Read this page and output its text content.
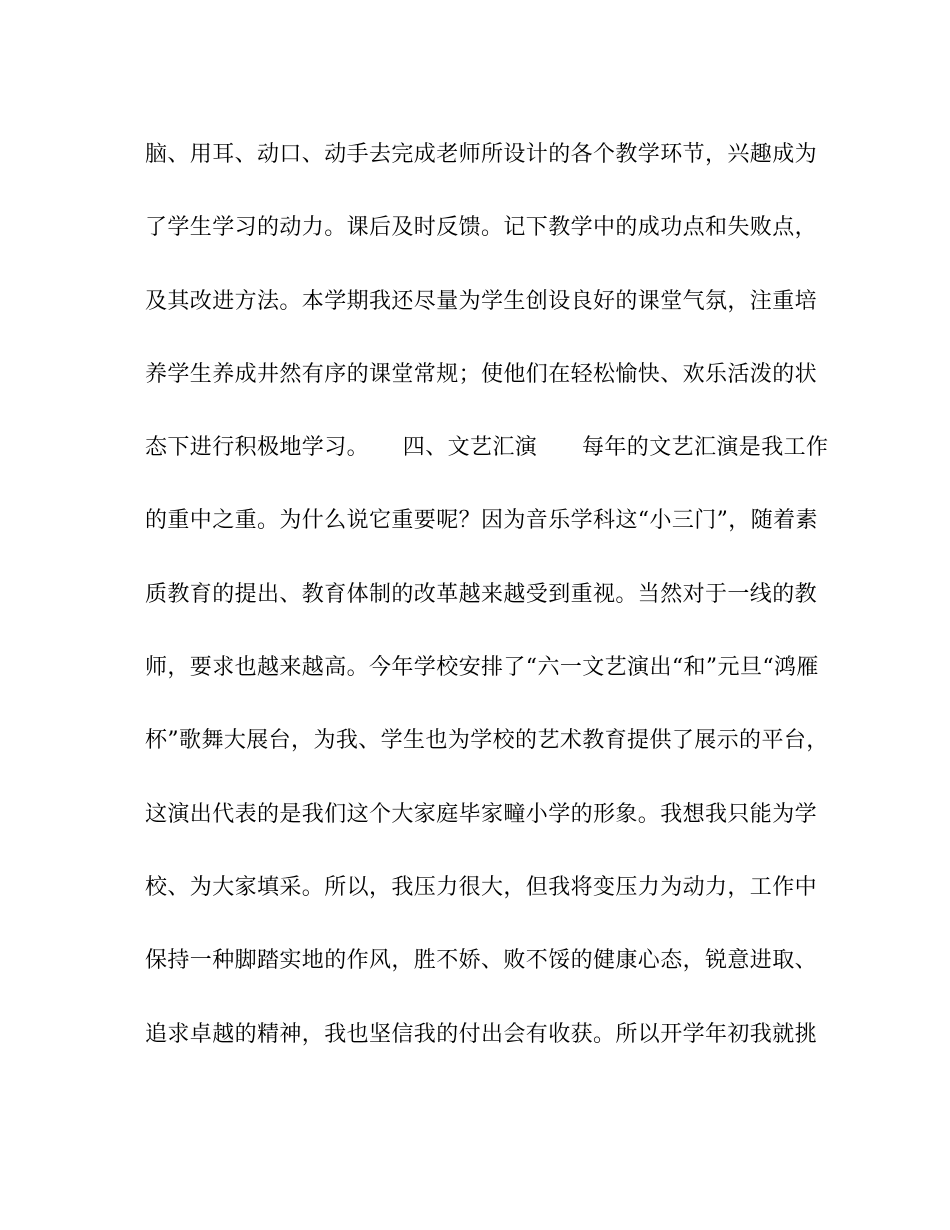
脑、用耳、动口、动手去完成老师所设计的各个教学环节，兴趣成为
了学生学习的动力。课后及时反馈。记下教学中的成功点和失败点，
及其改进方法。本学期我还尽量为学生创设良好的课堂气氛，注重培
养学生养成井然有序的课堂常规；使他们在轻松愉快、欢乐活泼的状
态下进行积极地学习。　　四、文艺汇演　　每年的文艺汇演是我工作
的重中之重。为什么说它重要呢？因为音乐学科这“小三门”，随着素
质教育的提出、教育体制的改革越来越受到重视。当然对于一线的教
师，要求也越来越高。今年学校安排了“六一文艺演出“和”元旦“鸿雁
杯”歌舞大展台，为我、学生也为学校的艺术教育提供了展示的平台，
这演出代表的是我们这个大家庭毕家疃小学的形象。我想我只能为学
校、为大家填采。所以，我压力很大，但我将变压力为动力，工作中
保持一种脚踏实地的作风，胜不娇、败不馁的健康心态，锐意进取、
追求卓越的精神，我也坚信我的付出会有收获。所以开学年初我就挑
